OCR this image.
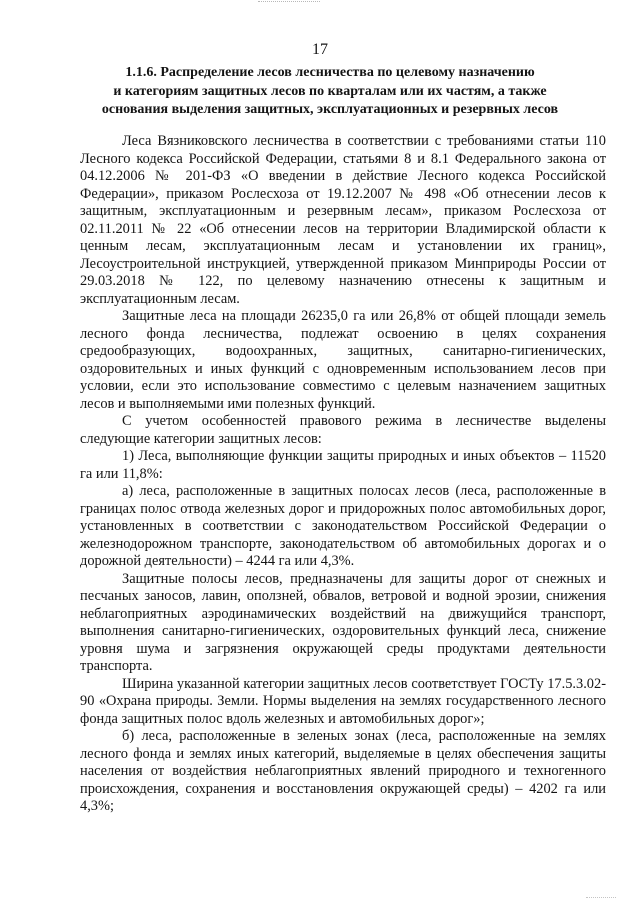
17
1.1.6. Распределение лесов лесничества по целевому назначению
и категориям защитных лесов по кварталам или их частям, а также
основания выделения защитных, эксплуатационных и резервных лесов

Леса Вязниковского лесничества в соответствии с требованиями статьи 110 Лесного кодекса Российской Федерации, статьями 8 и 8.1 Федерального закона от 04.12.2006 № 201-ФЗ «О введении в действие Лесного кодекса Российской Федерации», приказом Рослесхоза от 19.12.2007 № 498 «Об отнесении лесов к защитным, эксплуатационным и резервным лесам», приказом Рослесхоза от 02.11.2011 № 22 «Об отнесении лесов на территории Владимирской области к ценным лесам, эксплуатационным лесам и установлении их границ», Лесоустроительной инструкцией, утвержденной приказом Минприроды России от 29.03.2018 № 122, по целевому назначению отнесены к защитным и эксплуатационным лесам.

Защитные леса на площади 26235,0 га или 26,8% от общей площади земель лесного фонда лесничества, подлежат освоению в целях сохранения средообразующих, водоохранных, защитных, санитарно-гигиенических, оздоровительных и иных функций с одновременным использованием лесов при условии, если это использование совместимо с целевым назначением защитных лесов и выполняемыми ими полезных функций.

С учетом особенностей правового режима в лесничестве выделены следующие категории защитных лесов:

1) Леса, выполняющие функции защиты природных и иных объектов – 11520 га или 11,8%:

а) леса, расположенные в защитных полосах лесов (леса, расположенные в границах полос отвода железных дорог и придорожных полос автомобильных дорог, установленных в соответствии с законодательством Российской Федерации о железнодорожном транспорте, законодательством об автомобильных дорогах и о дорожной деятельности) – 4244 га или 4,3%.

Защитные полосы лесов, предназначены для защиты дорог от снежных и песчаных заносов, лавин, оползней, обвалов, ветровой и водной эрозии, снижения неблагоприятных аэродинамических воздействий на движущийся транспорт, выполнения санитарно-гигиенических, оздоровительных функций леса, снижение уровня шума и загрязнения окружающей среды продуктами деятельности транспорта.

Ширина указанной категории защитных лесов соответствует ГОСТу 17.5.3.02-90 «Охрана природы. Земли. Нормы выделения на землях государственного лесного фонда защитных полос вдоль железных и автомобильных дорог»;

б) леса, расположенные в зеленых зонах (леса, расположенные на землях лесного фонда и землях иных категорий, выделяемые в целях обеспечения защиты населения от воздействия неблагоприятных явлений природного и техногенного происхождения, сохранения и восстановления окружающей среды) – 4202 га или 4,3%;
